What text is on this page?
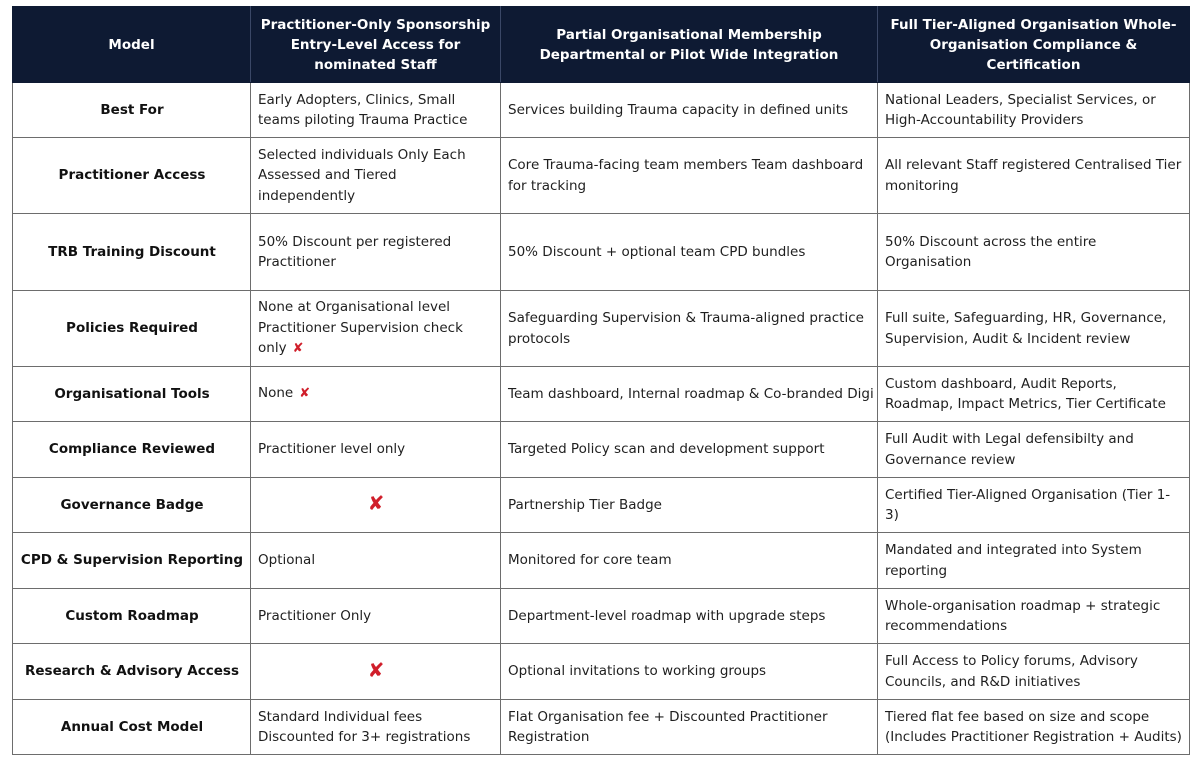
Model	Practitioner-Only Sponsorship Entry-Level Access for nominated Staff	Partial Organisational Membership Departmental or Pilot Wide Integration	Full Tier-Aligned Organisation Whole-Organisation Compliance & Certification
Best For	Early Adopters, Clinics, Small teams piloting Trauma Practice	Services building Trauma capacity in defined units	National Leaders, Specialist Services, or High-Accountability Providers
Practitioner Access	Selected individuals Only Each Assessed and Tiered independently	Core Trauma-facing team members Team dashboard for tracking	All relevant Staff registered Centralised Tier monitoring
TRB Training Discount	50% Discount per registered Practitioner	50% Discount + optional team CPD bundles	50% Discount across the entire Organisation
Policies Required	None at Organisational level Practitioner Supervision check only ✘	Safeguarding Supervision & Trauma-aligned practice protocols	Full suite, Safeguarding, HR, Governance, Supervision, Audit & Incident review
Organisational Tools	None ✘	Team dashboard, Internal roadmap & Co-branded Digi	Custom dashboard, Audit Reports, Roadmap, Impact Metrics, Tier Certificate
Compliance Reviewed	Practitioner level only	Targeted Policy scan and development support	Full Audit with Legal defensibilty and Governance review
Governance Badge	✘	Partnership Tier Badge	Certified Tier-Aligned Organisation (Tier 1-3)
CPD & Supervision Reporting	Optional	Monitored for core team	Mandated and integrated into System reporting
Custom Roadmap	Practitioner Only	Department-level roadmap with upgrade steps	Whole-organisation roadmap + strategic recommendations
Research & Advisory Access	✘	Optional invitations to working groups	Full Access to Policy forums, Advisory Councils, and R&D initiatives
Annual Cost Model	Standard Individual fees Discounted for 3+ registrations	Flat Organisation fee + Discounted Practitioner Registration	Tiered flat fee based on size and scope (Includes Practitioner Registration + Audits)
